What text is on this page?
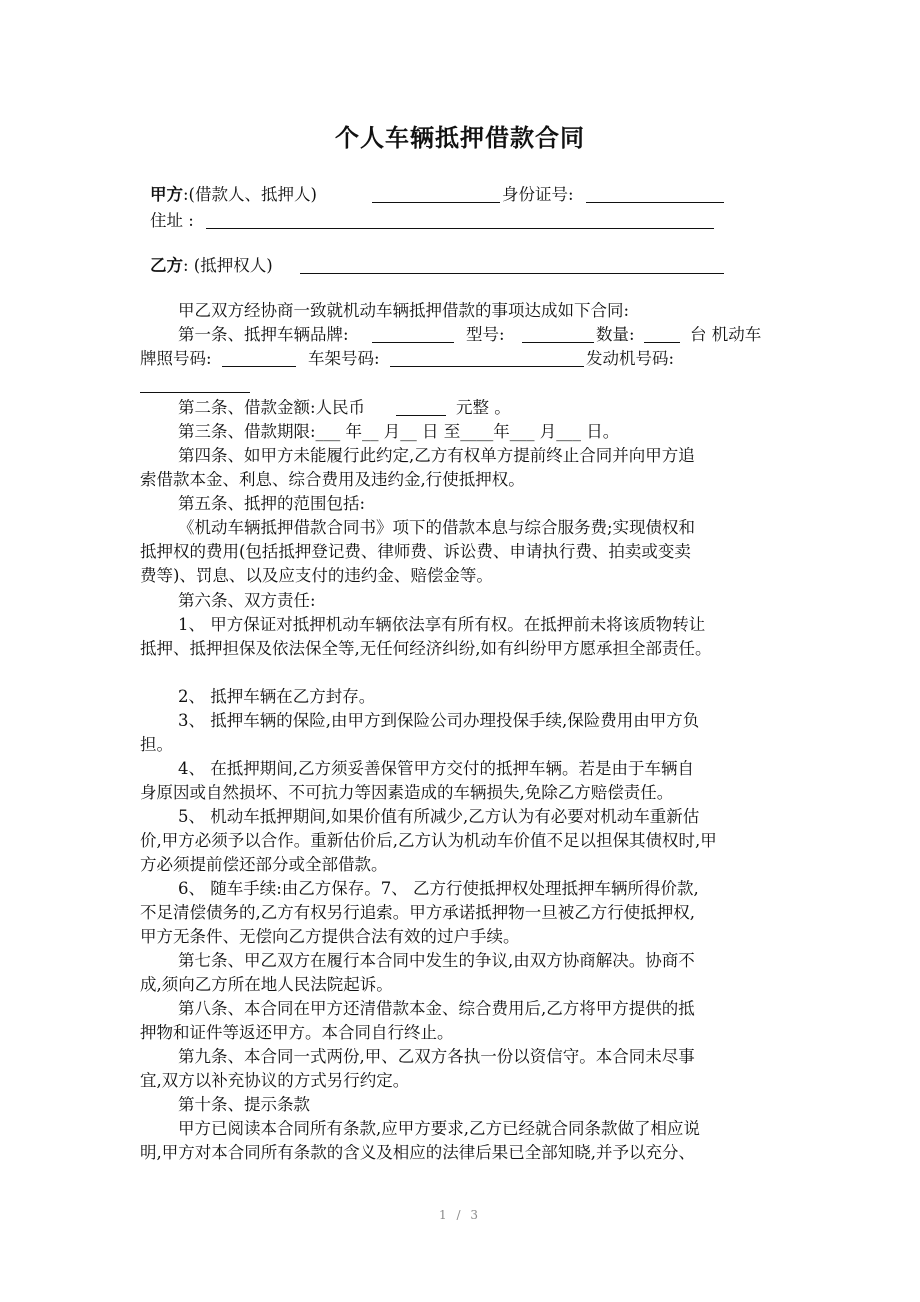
个人车辆抵押借款合同
甲方:(借款人、抵押人)	身份证号:
住址 :
乙方: (抵押权人)
甲乙双方经协商一致就机动车辆抵押借款的事项达成如下合同:
第一条、抵押车辆品牌:	型号:	数量:	台 机动车
牌照号码:	车架号码:	发动机号码:
第二条、借款金额:人民币	元整 。
第三条、借款期限:___ 年__ 月__ 日 至____年___ 月___ 日。
第四条、如甲方未能履行此约定,乙方有权单方提前终止合同并向甲方追
索借款本金、利息、综合费用及违约金,行使抵押权。
第五条、抵押的范围包括:
《机动车辆抵押借款合同书》项下的借款本息与综合服务费;实现债权和
抵押权的费用(包括抵押登记费、律师费、诉讼费、申请执行费、拍卖或变卖
费等)、罚息、以及应支付的违约金、赔偿金等。
第六条、双方责任:
1、 甲方保证对抵押机动车辆依法享有所有权。在抵押前未将该质物转让
抵押、抵押担保及依法保全等,无任何经济纠纷,如有纠纷甲方愿承担全部责任。
2、 抵押车辆在乙方封存。
3、 抵押车辆的保险,由甲方到保险公司办理投保手续,保险费用由甲方负
担。
4、 在抵押期间,乙方须妥善保管甲方交付的抵押车辆。若是由于车辆自
身原因或自然损坏、不可抗力等因素造成的车辆损失,免除乙方赔偿责任。
5、 机动车抵押期间,如果价值有所减少,乙方认为有必要对机动车重新估
价,甲方必须予以合作。重新估价后,乙方认为机动车价值不足以担保其债权时,甲
方必须提前偿还部分或全部借款。
6、 随车手续:由乙方保存。7、 乙方行使抵押权处理抵押车辆所得价款,
不足清偿债务的,乙方有权另行追索。甲方承诺抵押物一旦被乙方行使抵押权,
甲方无条件、无偿向乙方提供合法有效的过户手续。
第七条、甲乙双方在履行本合同中发生的争议,由双方协商解决。协商不
成,须向乙方所在地人民法院起诉。
第八条、本合同在甲方还清借款本金、综合费用后,乙方将甲方提供的抵
押物和证件等返还甲方。本合同自行终止。
第九条、本合同一式两份,甲、乙双方各执一份以资信守。本合同未尽事
宜,双方以补充协议的方式另行约定。
第十条、提示条款
甲方已阅读本合同所有条款,应甲方要求,乙方已经就合同条款做了相应说
明,甲方对本合同所有条款的含义及相应的法律后果已全部知晓,并予以充分、
1 / 3
